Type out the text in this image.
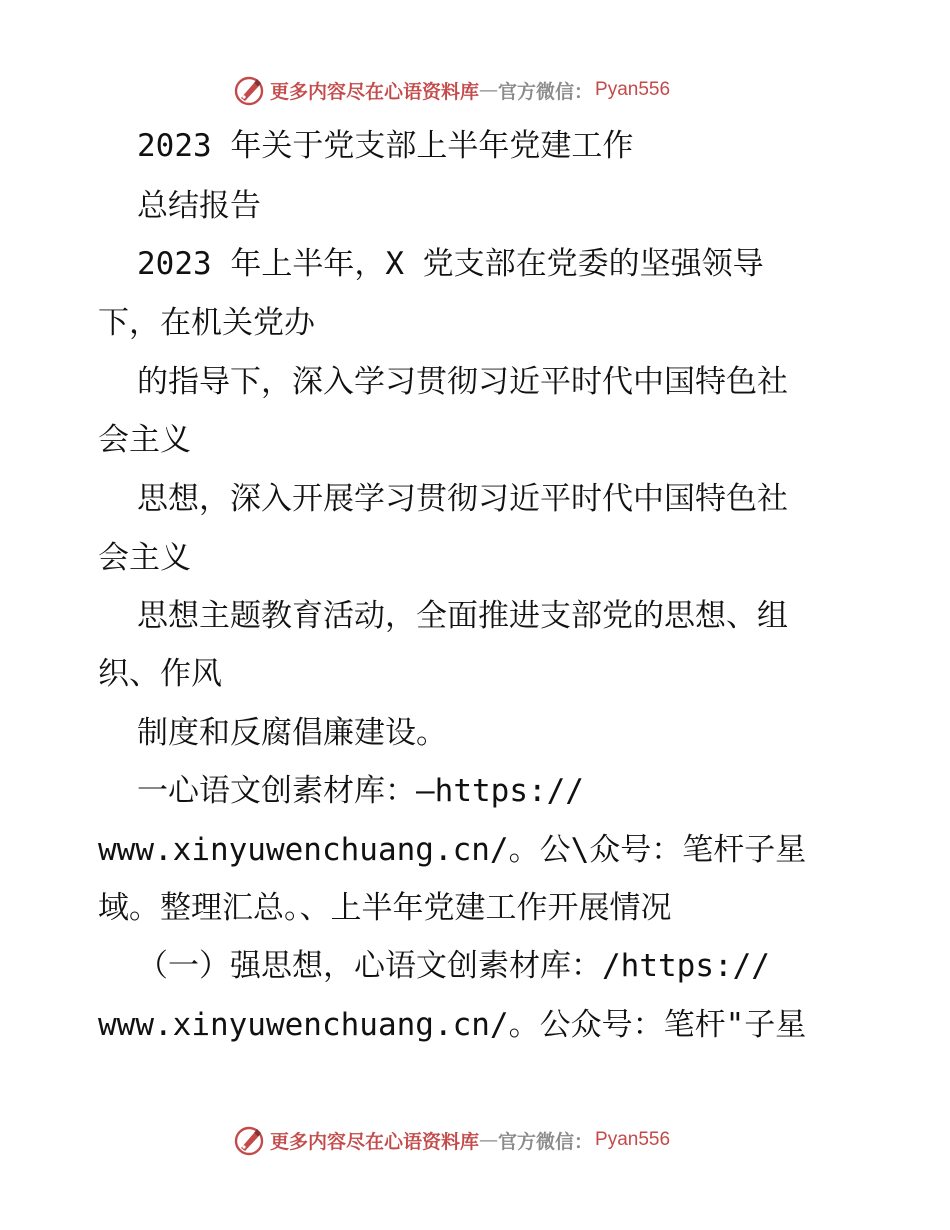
更多内容尽在心语资料库 — 官方微信： Pyan556
2023 年关于党支部上半年党建工作
总结报告
2023 年上半年，X 党支部在党委的坚强领导
下，在机关党办
的指导下，深入学习贯彻习近平时代中国特色社
会主义
思想，深入开展学习贯彻习近平时代中国特色社
会主义
思想主题教育活动，全面推进支部党的思想、组
织、作风
制度和反腐倡廉建设。
一心语文创素材库：—https://
www.xinyuwenchuang.cn/。公\众号：笔杆子星
域。整理汇总。、上半年党建工作开展情况
（一）强思想，心语文创素材库：/https://
www.xinyuwenchuang.cn/。公众号：笔杆"子星
更多内容尽在心语资料库 — 官方微信： Pyan556
